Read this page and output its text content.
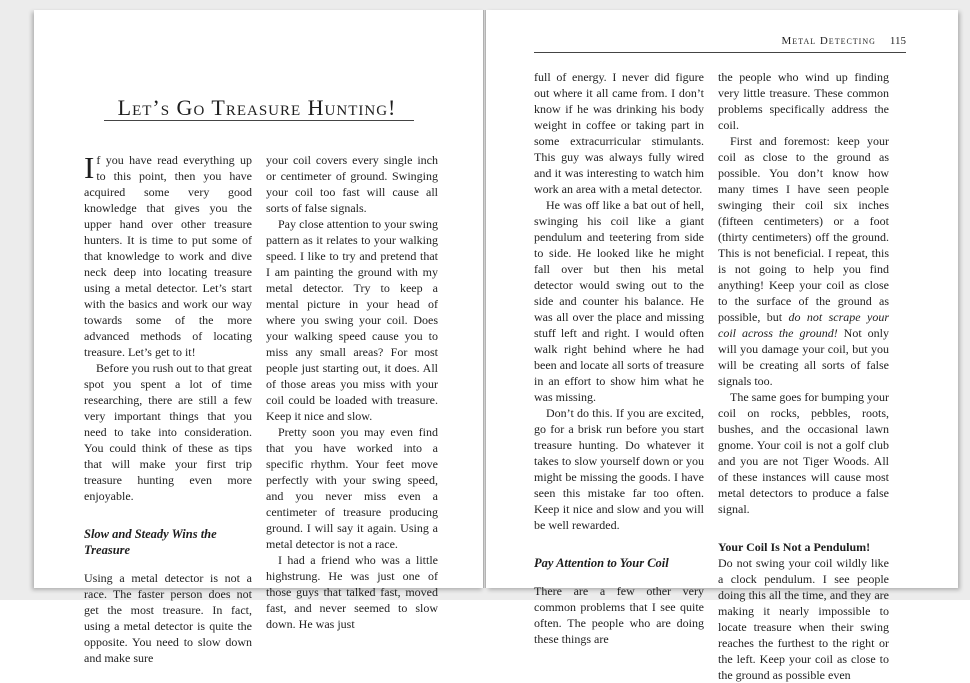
Metal Detecting 115
Let’s Go Treasure Hunting!

If you have read everything up to this point, then you have acquired some very good knowledge that gives you the upper hand over other treasure hunters. It is time to put some of that knowledge to work and dive neck deep into locating treasure using a metal detector. Let’s start with the basics and work our way towards some of the more advanced methods of locating treasure. Let’s get to it!

Before you rush out to that great spot you spent a lot of time researching, there are still a few very important things that you need to take into consideration. You could think of these as tips that will make your first trip treasure hunting even more enjoyable.

Slow and Steady Wins the Treasure

Using a metal detector is not a race. The faster person does not get the most treasure. In fact, using a metal detector is quite the opposite. You need to slow down and make sure

your coil covers every single inch or centimeter of ground. Swinging your coil too fast will cause all sorts of false signals.

Pay close attention to your swing pattern as it relates to your walking speed. I like to try and pretend that I am painting the ground with my metal detector. Try to keep a mental picture in your head of where you swing your coil. Does your walking speed cause you to miss any small areas? For most people just starting out, it does. All of those areas you miss with your coil could be loaded with treasure. Keep it nice and slow.

Pretty soon you may even find that you have worked into a specific rhythm. Your feet move perfectly with your swing speed, and you never miss even a centimeter of treasure producing ground. I will say it again. Using a metal detector is not a race.

I had a friend who was a little highstrung. He was just one of those guys that talked fast, moved fast, and never seemed to slow down. He was just

full of energy. I never did figure out where it all came from. I don’t know if he was drinking his body weight in coffee or taking part in some extracurricular stimulants. This guy was always fully wired and it was interesting to watch him work an area with a metal detector.

He was off like a bat out of hell, swinging his coil like a giant pendulum and teetering from side to side. He looked like he might fall over but then his metal detector would swing out to the side and counter his balance. He was all over the place and missing stuff left and right. I would often walk right behind where he had been and locate all sorts of treasure in an effort to show him what he was missing.

Don’t do this. If you are excited, go for a brisk run before you start treasure hunting. Do whatever it takes to slow yourself down or you might be missing the goods. I have seen this mistake far too often. Keep it nice and slow and you will be well rewarded.

Pay Attention to Your Coil

There are a few other very common problems that I see quite often. The people who are doing these things are

the people who wind up finding very little treasure. These common problems specifically address the coil.

First and foremost: keep your coil as close to the ground as possible. You don’t know how many times I have seen people swinging their coil six inches (fifteen centimeters) or a foot (thirty centimeters) off the ground. This is not beneficial. I repeat, this is not going to help you find anything! Keep your coil as close to the surface of the ground as possible, but do not scrape your coil across the ground! Not only will you damage your coil, but you will be creating all sorts of false signals too.

The same goes for bumping your coil on rocks, pebbles, roots, bushes, and the occasional lawn gnome. Your coil is not a golf club and you are not Tiger Woods. All of these instances will cause most metal detectors to produce a false signal.

Your Coil Is Not a Pendulum!

Do not swing your coil wildly like a clock pendulum. I see people doing this all the time, and they are making it nearly impossible to locate treasure when their swing reaches the furthest to the right or the left. Keep your coil as close to the ground as possible even
